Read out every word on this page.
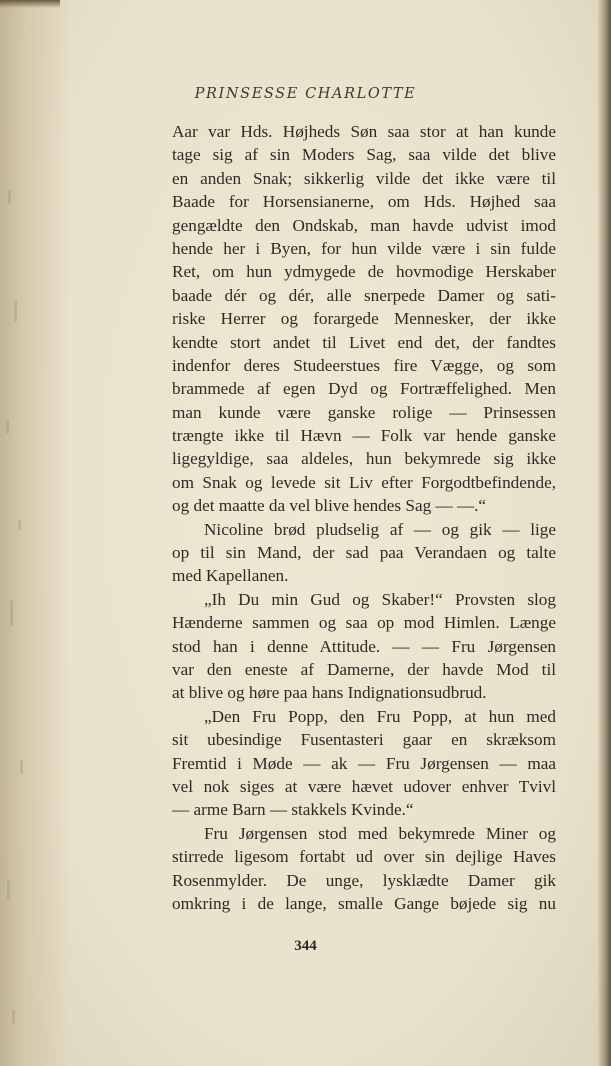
PRINSESSE CHARLOTTE
Aar var Hds. Højheds Søn saa stor at han kunde
tage sig af sin Moders Sag, saa vilde det blive
en anden Snak; sikkerlig vilde det ikke være til
Baade for Horsensianerne, om Hds. Højhed saa
gengældte den Ondskab, man havde udvist imod
hende her i Byen, for hun vilde være i sin fulde
Ret, om hun ydmygede de hovmodige Herskaber
baade dér og dér, alle snerpede Damer og sati-
riske Herrer og forargede Mennesker, der ikke
kendte stort andet til Livet end det, der fandtes
indenfor deres Studeerstues fire Vægge, og som
brammede af egen Dyd og Fortræffelighed. Men
man kunde være ganske rolige — Prinsessen
trængte ikke til Hævn — Folk var hende ganske
ligegyldige, saa aldeles, hun bekymrede sig ikke
om Snak og levede sit Liv efter Forgodtbefindende,
og det maatte da vel blive hendes Sag — —.“
Nicoline brød pludselig af — og gik — lige
op til sin Mand, der sad paa Verandaen og talte
med Kapellanen.
„Ih Du min Gud og Skaber!“ Provsten slog
Hænderne sammen og saa op mod Himlen. Længe
stod han i denne Attitude. — — Fru Jørgensen
var den eneste af Damerne, der havde Mod til
at blive og høre paa hans Indignationsudbrud.
„Den Fru Popp, den Fru Popp, at hun med
sit ubesindige Fusentasteri gaar en skræksom
Fremtid i Møde — ak — Fru Jørgensen — maa
vel nok siges at være hævet udover enhver Tvivl
— arme Barn — stakkels Kvinde.“
Fru Jørgensen stod med bekymrede Miner og
stirrede ligesom fortabt ud over sin dejlige Haves
Rosenmylder. De unge, lysklædte Damer gik
omkring i de lange, smalle Gange bøjede sig nu
344
